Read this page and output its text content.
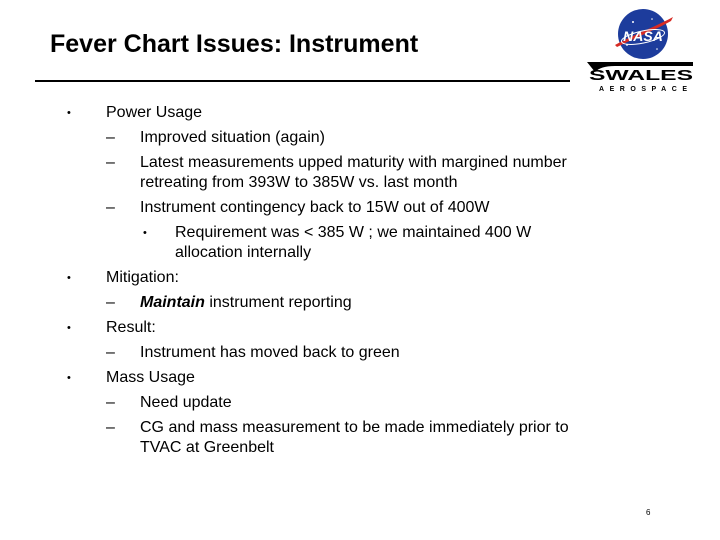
Fever Chart Issues: Instrument	NASA
SWALES
AEROSPACE
• Power Usage
– Improved situation (again)
– Latest measurements upped maturity with margined number
retreating from 393W to 385W vs. last month
– Instrument contingency back to 15W out of 400W
• Requirement was < 385 W ; we maintained 400 W
allocation internally
• Mitigation:
– Maintain instrument reporting
• Result:
– Instrument has moved back to green
• Mass Usage
– Need update
– CG and mass measurement to be made immediately prior to
TVAC at Greenbelt
6
